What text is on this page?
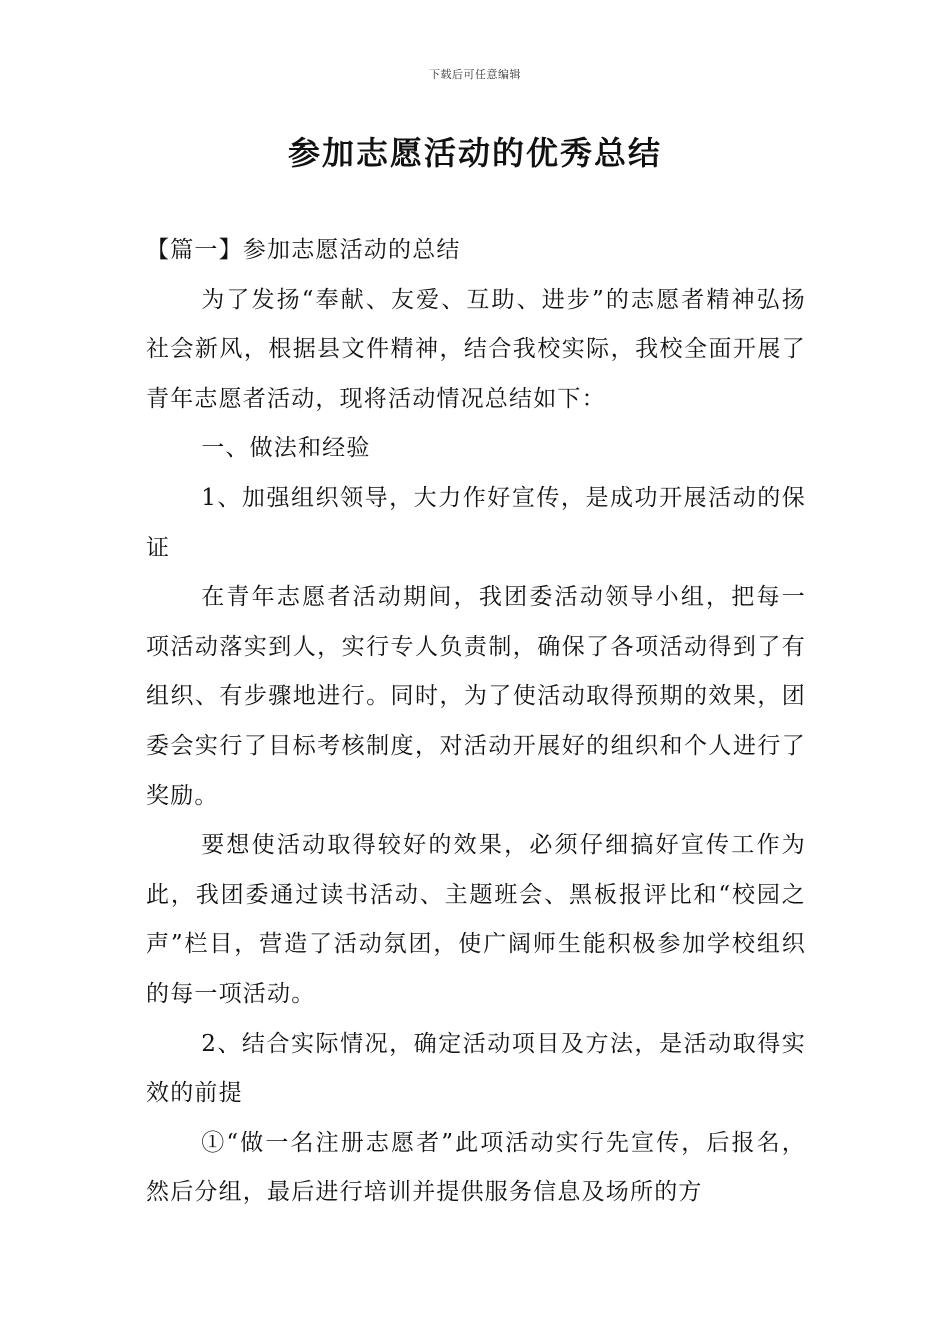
下载后可任意编辑
参加志愿活动的优秀总结

【篇一】参加志愿活动的总结

为了发扬“奉献、友爱、互助、进步”的志愿者精神弘扬社会新风，根据县文件精神，结合我校实际，我校全面开展了青年志愿者活动，现将活动情况总结如下：

一、做法和经验

1、加强组织领导，大力作好宣传，是成功开展活动的保证

在青年志愿者活动期间，我团委活动领导小组，把每一项活动落实到人，实行专人负责制，确保了各项活动得到了有组织、有步骤地进行。同时，为了使活动取得预期的效果，团委会实行了目标考核制度，对活动开展好的组织和个人进行了奖励。

要想使活动取得较好的效果，必须仔细搞好宣传工作为此，我团委通过读书活动、主题班会、黑板报评比和“校园之声”栏目，营造了活动氛团，使广阔师生能积极参加学校组织的每一项活动。

2、结合实际情况，确定活动项目及方法，是活动取得实效的前提

①“做一名注册志愿者”此项活动实行先宣传，后报名，然后分组，最后进行培训并提供服务信息及场所的方
